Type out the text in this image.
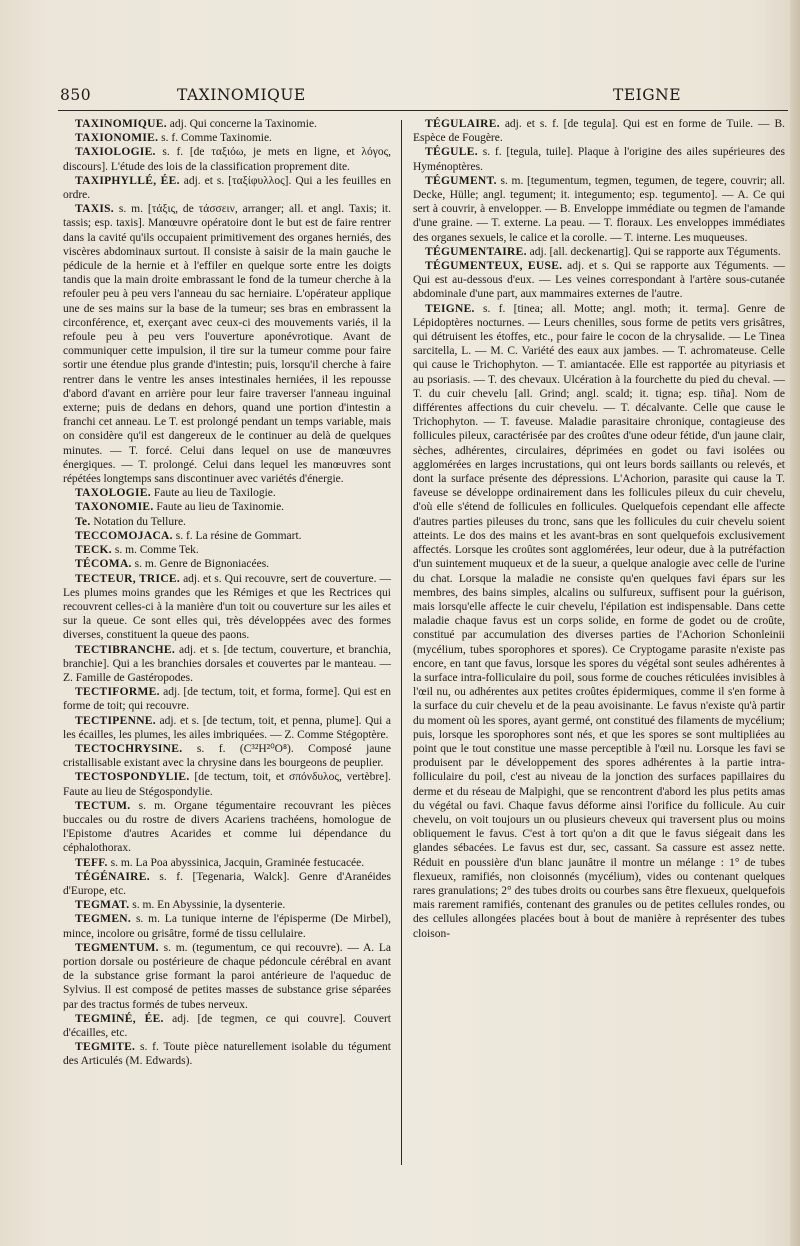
850	TAXINOMIQUE	TEIGNE

TAXINOMIQUE. adj. Qui concerne la Taxinomie.

TAXIONOMIE. s. f. Comme Taxinomie.

TAXIOLOGIE. s. f. [de ταξιόω, je mets en ligne, et λόγος, discours]. L'étude des lois de la classification proprement dite.

TAXIPHYLLÉ, ÉE. adj. et s. [ταξίφυλλος]. Qui a les feuilles en ordre.

TAXIS. s. m. [τάξις, de τάσσειν, arranger; all. et angl. Taxis; it. tassis; esp. taxis]. Manœuvre opératoire dont le but est de faire rentrer dans la cavité qu'ils occupaient primitivement des organes herniés, des viscères abdominaux surtout. Il consiste à saisir de la main gauche le pédicule de la hernie et à l'effiler en quelque sorte entre les doigts tandis que la main droite embrassant le fond de la tumeur cherche à la refouler peu à peu vers l'anneau du sac herniaire. L'opérateur applique une de ses mains sur la base de la tumeur; ses bras en embrassent la circonférence, et, exerçant avec ceux-ci des mouvements variés, il la refoule peu à peu vers l'ouverture aponévrotique. Avant de communiquer cette impulsion, il tire sur la tumeur comme pour faire sortir une étendue plus grande d'intestin; puis, lorsqu'il cherche à faire rentrer dans le ventre les anses intestinales herniées, il les repousse d'abord d'avant en arrière pour leur faire traverser l'anneau inguinal externe; puis de dedans en dehors, quand une portion d'intestin a franchi cet anneau. Le T. est prolongé pendant un temps variable, mais on considère qu'il est dangereux de le continuer au delà de quelques minutes. — T. forcé. Celui dans lequel on use de manœuvres énergiques. — T. prolongé. Celui dans lequel les manœuvres sont répétées longtemps sans discontinuer avec variétés d'énergie.

TAXOLOGIE. Faute au lieu de Taxilogie.

TAXONOMIE. Faute au lieu de Taxinomie.

Te. Notation du Tellure.

TECCOMOJACA. s. f. La résine de Gommart.

TECK. s. m. Comme Tek.

TÉCOMA. s. m. Genre de Bignoniacées.

TECTEUR, TRICE. adj. et s. Qui recouvre, sert de couverture. — Les plumes moins grandes que les Rémiges et que les Rectrices qui recouvrent celles-ci à la manière d'un toit ou couverture sur les ailes et sur la queue. Ce sont elles qui, très développées avec des formes diverses, constituent la queue des paons.

TECTIBRANCHE. adj. et s. [de tectum, couverture, et branchia, branchie]. Qui a les branchies dorsales et couvertes par le manteau. — Z. Famille de Gastéropodes.

TECTIFORME. adj. [de tectum, toit, et forma, forme]. Qui est en forme de toit; qui recouvre.

TECTIPENNE. adj. et s. [de tectum, toit, et penna, plume]. Qui a les écailles, les plumes, les ailes imbriquées. — Z. Comme Stégoptère.

TECTOCHRYSINE. s. f. (C³²H²⁰O⁸). Composé jaune cristallisable existant avec la chrysine dans les bourgeons de peuplier.

TECTOSPONDYLIE. [de tectum, toit, et σπόνδυλος, vertèbre]. Faute au lieu de Stégospondylie.

TECTUM. s. m. Organe tégumentaire recouvrant les pièces buccales ou du rostre de divers Acariens trachéens, homologue de l'Epistome d'autres Acarides et comme lui dépendance du céphalothorax.

TEFF. s. m. La Poa abyssinica, Jacquin, Graminée festucacée.

TÉGÉNAIRE. s. f. [Tegenaria, Walck]. Genre d'Aranéides d'Europe, etc.

TEGMAT. s. m. En Abyssinie, la dysenterie.

TEGMEN. s. m. La tunique interne de l'épisperme (De Mirbel), mince, incolore ou grisâtre, formé de tissu cellulaire.

TEGMENTUM. s. m. (tegumentum, ce qui recouvre). — A. La portion dorsale ou postérieure de chaque pédoncule cérébral en avant de la substance grise formant la paroi antérieure de l'aqueduc de Sylvius. Il est composé de petites masses de substance grise séparées par des tractus formés de tubes nerveux.

TEGMINÉ, ÉE. adj. [de tegmen, ce qui couvre]. Couvert d'écailles, etc.

TEGMITE. s. f. Toute pièce naturellement isolable du tégument des Articulés (M. Edwards).

TÉGULAIRE. adj. et s. f. [de tegula]. Qui est en forme de Tuile. — B. Espèce de Fougère.

TÉGULE. s. f. [tegula, tuile]. Plaque à l'origine des ailes supérieures des Hyménoptères.

TÉGUMENT. s. m. [tegumentum, tegmen, tegumen, de tegere, couvrir; all. Decke, Hülle; angl. tegument; it. integumento; esp. tegumento]. — A. Ce qui sert à couvrir, à envelopper. — B. Enveloppe immédiate ou tegmen de l'amande d'une graine. — T. externe. La peau. — T. floraux. Les enveloppes immédiates des organes sexuels, le calice et la corolle. — T. interne. Les muqueuses.

TÉGUMENTAIRE. adj. [all. deckenartig]. Qui se rapporte aux Téguments.

TÉGUMENTEUX, EUSE. adj. et s. Qui se rapporte aux Téguments. — Qui est au-dessous d'eux. — Les veines correspondant à l'artère sous-cutanée abdominale d'une part, aux mammaires externes de l'autre.

TEIGNE. s. f. [tinea; all. Motte; angl. moth; it. terma]. Genre de Lépidoptères nocturnes. — Leurs chenilles, sous forme de petits vers grisâtres, qui détruisent les étoffes, etc., pour faire le cocon de la chrysalide. — Le Tinea sarcitella, L. — M. C. Variété des eaux aux jambes. — T. achromateuse. Celle qui cause le Trichophyton. — T. amiantacée. Elle est rapportée au pityriasis et au psoriasis. — T. des chevaux. Ulcération à la fourchette du pied du cheval. — T. du cuir chevelu [all. Grind; angl. scald; it. tigna; esp. tiña]. Nom de différentes affections du cuir chevelu. — T. décalvante. Celle que cause le Trichophyton. — T. faveuse. Maladie parasitaire chronique, contagieuse des follicules pileux, caractérisée par des croûtes d'une odeur fétide, d'un jaune clair, sèches, adhérentes, circulaires, déprimées en godet ou favi isolées ou agglomérées en larges incrustations, qui ont leurs bords saillants ou relevés, et dont la surface présente des dépressions. L'Achorion, parasite qui cause la T. faveuse se développe ordinairement dans les follicules pileux du cuir chevelu, d'où elle s'étend de follicules en follicules. Quelquefois cependant elle affecte d'autres parties pileuses du tronc, sans que les follicules du cuir chevelu soient atteints. Le dos des mains et les avant-bras en sont quelquefois exclusivement affectés. Lorsque les croûtes sont agglomérées, leur odeur, due à la putréfaction d'un suintement muqueux et de la sueur, a quelque analogie avec celle de l'urine du chat. Lorsque la maladie ne consiste qu'en quelques favi épars sur les membres, des bains simples, alcalins ou sulfureux, suffisent pour la guérison, mais lorsqu'elle affecte le cuir chevelu, l'épilation est indispensable. Dans cette maladie chaque favus est un corps solide, en forme de godet ou de croûte, constitué par accumulation des diverses parties de l'Achorion Schonleinii (mycélium, tubes sporophores et spores). Ce Cryptogame parasite n'existe pas encore, en tant que favus, lorsque les spores du végétal sont seules adhérentes à la surface intra-folliculaire du poil, sous forme de couches réticulées invisibles à l'œil nu, ou adhérentes aux petites croûtes épidermiques, comme il s'en forme à la surface du cuir chevelu et de la peau avoisinante. Le favus n'existe qu'à partir du moment où les spores, ayant germé, ont constitué des filaments de mycélium; puis, lorsque les sporophores sont nés, et que les spores se sont multipliées au point que le tout constitue une masse perceptible à l'œil nu. Lorsque les favi se produisent par le développement des spores adhérentes à la partie intra-folliculaire du poil, c'est au niveau de la jonction des surfaces papillaires du derme et du réseau de Malpighi, que se rencontrent d'abord les plus petits amas du végétal ou favi. Chaque favus déforme ainsi l'orifice du follicule. Au cuir chevelu, on voit toujours un ou plusieurs cheveux qui traversent plus ou moins obliquement le favus. C'est à tort qu'on a dit que le favus siégeait dans les glandes sébacées. Le favus est dur, sec, cassant. Sa cassure est assez nette. Réduit en poussière d'un blanc jaunâtre il montre un mélange : 1° de tubes flexueux, ramifiés, non cloisonnés (mycélium), vides ou contenant quelques rares granulations; 2° des tubes droits ou courbes sans être flexueux, quelquefois mais rarement ramifiés, contenant des granules ou de petites cellules rondes, ou des cellules allongées placées bout à bout de manière à représenter des tubes cloison-
